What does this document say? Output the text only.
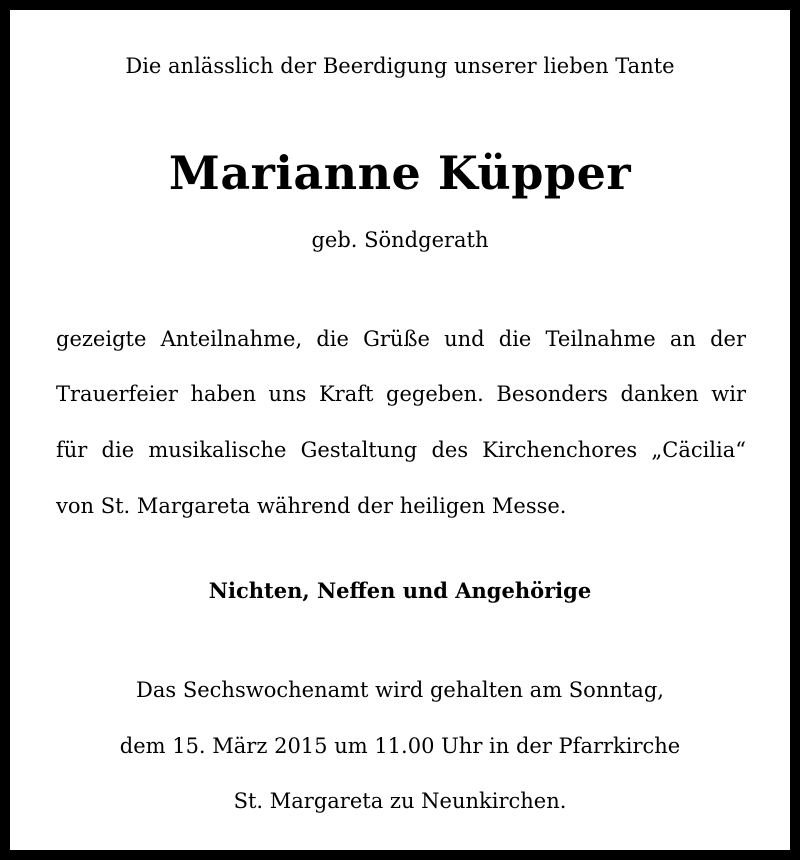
Die anlässlich der Beerdigung unserer lieben Tante
Marianne Küpper
geb. Söndgerath
gezeigte Anteilnahme, die Grüße und die Teilnahme an der
Trauerfeier haben uns Kraft gegeben. Besonders danken wir
für die musikalische Gestaltung des Kirchenchores „Cäcilia“
von St. Margareta während der heiligen Messe.
Nichten, Neffen und Angehörige
Das Sechswochenamt wird gehalten am Sonntag,
dem 15. März 2015 um 11.00 Uhr in der Pfarrkirche
St. Margareta zu Neunkirchen.
